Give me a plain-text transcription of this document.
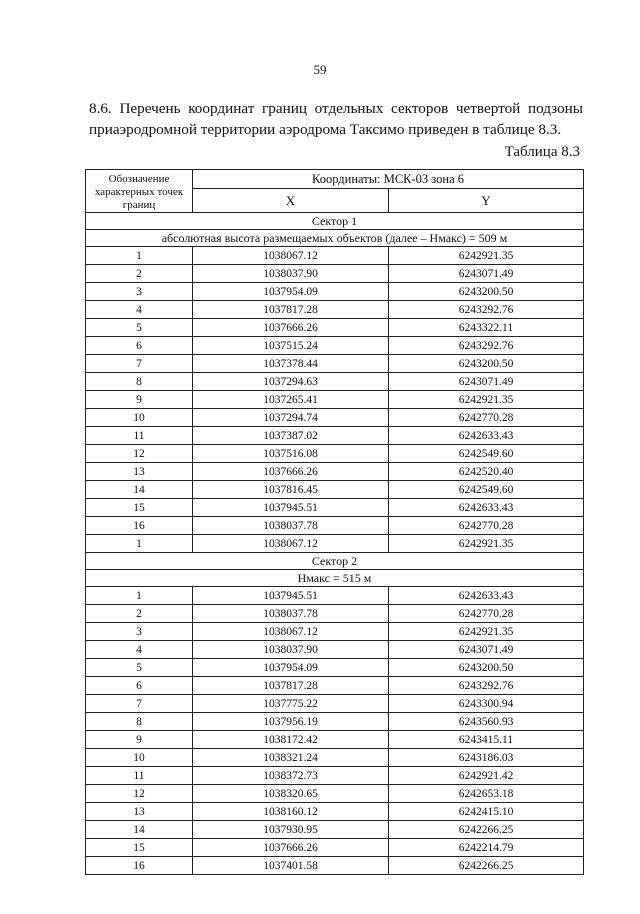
59
8.6. Перечень координат границ отдельных секторов четвертой подзоны приаэродромной территории аэродрома Таксимо приведен в таблице 8.3.
Таблица 8.3
Обозначение характерных точек границ	Координаты: МСК-03 зона 6	
	X	Y
Сектор 1		
абсолютная высота размещаемых объектов (далее – Нмакс) = 509 м		
1	1038067.12	6242921.35
2	1038037.90	6243071.49
3	1037954.09	6243200.50
4	1037817.28	6243292.76
5	1037666.26	6243322.11
6	1037515.24	6243292.76
7	1037378.44	6243200.50
8	1037294.63	6243071.49
9	1037265.41	6242921.35
10	1037294.74	6242770.28
11	1037387.02	6242633.43
12	1037516.08	6242549.60
13	1037666.26	6242520.40
14	1037816.45	6242549.60
15	1037945.51	6242633.43
16	1038037.78	6242770.28
1	1038067.12	6242921.35
Сектор 2		
Нмакс = 515 м		
1	1037945.51	6242633.43
2	1038037.78	6242770.28
3	1038067.12	6242921.35
4	1038037.90	6243071.49
5	1037954.09	6243200.50
6	1037817.28	6243292.76
7	1037775.22	6243300.94
8	1037956.19	6243560.93
9	1038172.42	6243415.11
10	1038321.24	6243186.03
11	1038372.73	6242921.42
12	1038320.65	6242653.18
13	1038160.12	6242415.10
14	1037930.95	6242266.25
15	1037666.26	6242214.79
16	1037401.58	6242266.25
